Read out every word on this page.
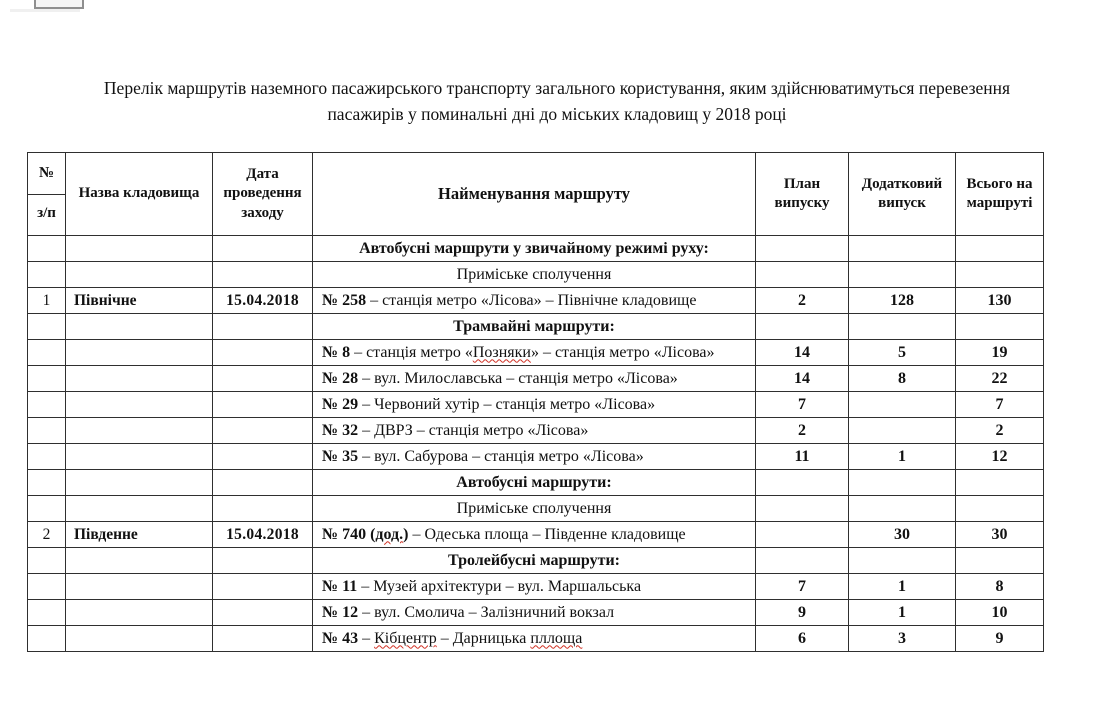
Перелік маршрутів наземного пасажирського транспорту загального користування, яким здійснюватимуться перевезення
пасажирів у поминальні дні до міських кладовищ у 2018 році
№
з/п	Назва кладовища	Дата проведення заходу	Найменування маршруту	План випуску	Додатковий випуск	Всього на маршруті
			Автобусні маршрути у звичайному режимі руху:			
			Приміське сполучення			
1	Північне	15.04.2018	№ 258 – станція метро «Лісова» – Північне кладовище	2	128	130
			Трамвайні маршрути:			
			№ 8 – станція метро «Позняки» – станція метро «Лісова»	14	5	19
			№ 28 – вул. Милославська – станція метро «Лісова»	14	8	22
			№ 29 – Червоний хутір – станція метро «Лісова»	7		7
			№ 32 – ДВРЗ – станція метро «Лісова»	2		2
			№ 35 – вул. Сабурова – станція метро «Лісова»	11	1	12
			Автобусні маршрути:			
			Приміське сполучення			
2	Південне	15.04.2018	№ 740 (дод.) – Одеська площа – Південне кладовище		30	30
			Тролейбусні маршрути:			
			№ 11 – Музей архітектури – вул. Маршальська	7	1	8
			№ 12 – вул. Смолича – Залізничний вокзал	9	1	10
			№ 43 – Кібцентр – Дарницька пллоща	6	3	9
